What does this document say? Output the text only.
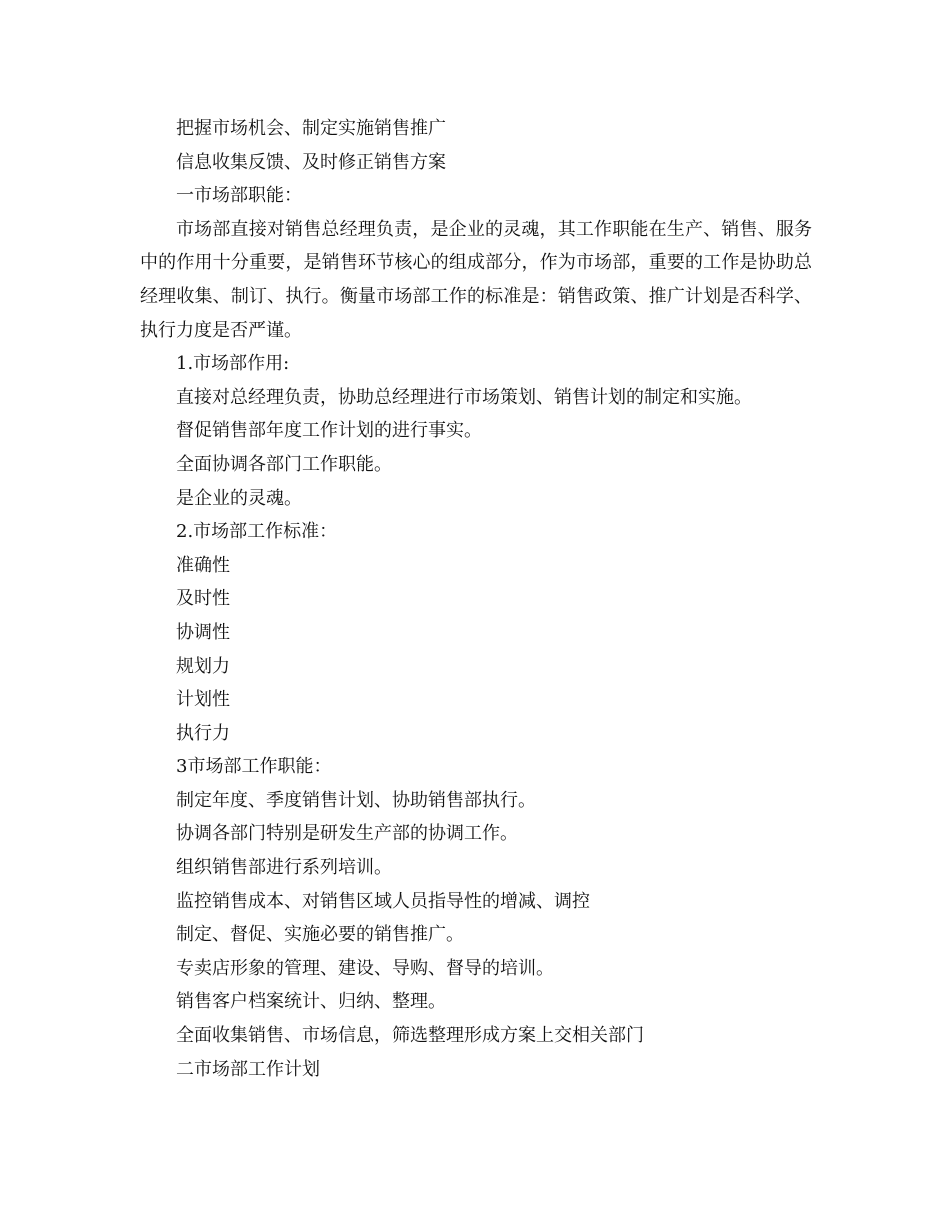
把握市场机会、制定实施销售推广

信息收集反馈、及时修正销售方案

一市场部职能：

市场部直接对销售总经理负责，是企业的灵魂，其工作职能在生产、销售、服务中的作用十分重要，是销售环节核心的组成部分，作为市场部，重要的工作是协助总经理收集、制订、执行。衡量市场部工作的标准是：销售政策、推广计划是否科学、执行力度是否严谨。

1.市场部作用:

直接对总经理负责，协助总经理进行市场策划、销售计划的制定和实施。

督促销售部年度工作计划的进行事实。

全面协调各部门工作职能。

是企业的灵魂。

2.市场部工作标准：

准确性

及时性

协调性

规划力

计划性

执行力

3市场部工作职能：

制定年度、季度销售计划、协助销售部执行。

协调各部门特别是研发生产部的协调工作。

组织销售部进行系列培训。

监控销售成本、对销售区域人员指导性的增减、调控

制定、督促、实施必要的销售推广。

专卖店形象的管理、建设、导购、督导的培训。

销售客户档案统计、归纳、整理。

全面收集销售、市场信息，筛选整理形成方案上交相关部门

二市场部工作计划
